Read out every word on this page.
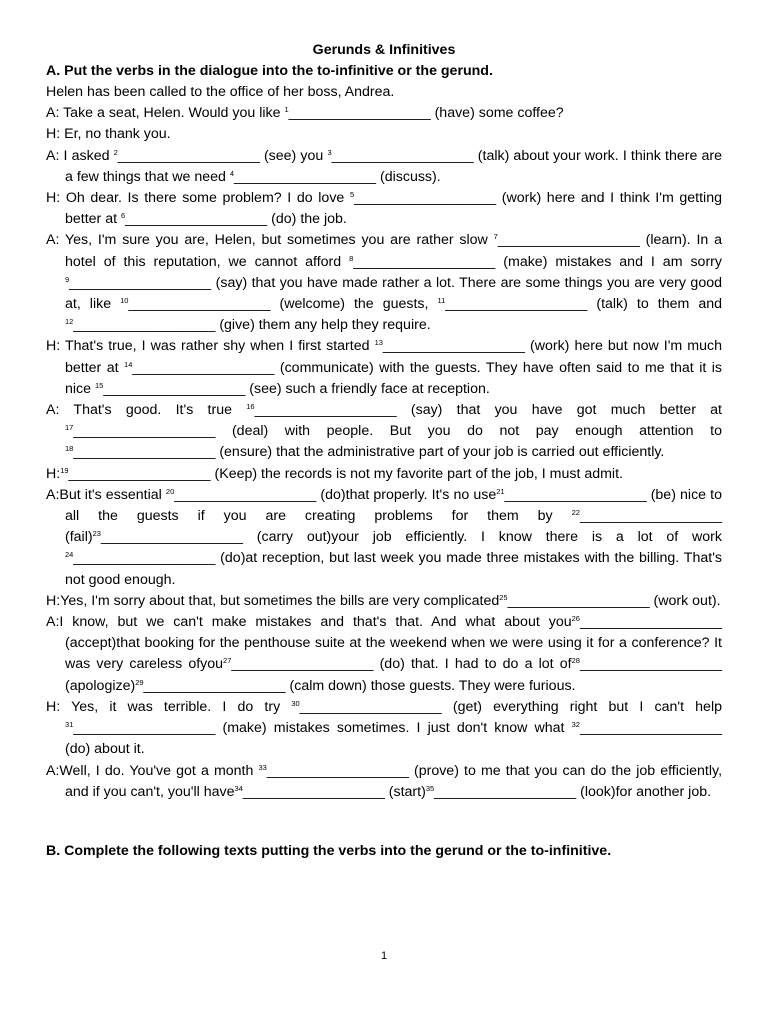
Gerunds & Infinitives
A. Put the verbs in the dialogue into the to-infinitive or the gerund.
Helen has been called to the office of her boss, Andrea.
A: Take a seat, Helen. Would you like $^1$__________________ (have) some coffee?
H: Er, no thank you.
A: I asked $^2$__________________ (see) you $^3$__________________ (talk) about your work. I think there are a few things that we need $^4$__________________ (discuss).
H: Oh dear. Is there some problem? I do love $^5$__________________ (work) here and I think I'm getting better at $^6$__________________ (do) the job.
A: Yes, I'm sure you are, Helen, but sometimes you are rather slow $^7$__________________ (learn). In a hotel of this reputation, we cannot afford $^8$__________________ (make) mistakes and I am sorry $^9$__________________ (say) that you have made rather a lot. There are some things you are very good at, like $^{10}$__________________ (welcome) the guests, $^{11}$__________________ (talk) to them and $^{12}$__________________ (give) them any help they require.
H: That's true, I was rather shy when I first started $^{13}$__________________ (work) here but now I'm much better at $^{14}$__________________ (communicate) with the guests. They have often said to me that it is nice $^{15}$__________________ (see) such a friendly face at reception.
A: That's good. It's true $^{16}$__________________ (say) that you have got much better at $^{17}$__________________ (deal) with people. But you do not pay enough attention to $^{18}$__________________ (ensure) that the administrative part of your job is carried out efficiently.
H:$^{19}$__________________ (Keep) the records is not my favorite part of the job, I must admit.
A:But it's essential $^{20}$__________________ (do)that properly. It's no use$^{21}$__________________ (be) nice to all the guests if you are creating problems for them by $^{22}$__________________ (fail)$^{23}$__________________ (carry out)your job efficiently. I know there is a lot of work $^{24}$__________________ (do)at reception, but last week you made three mistakes with the billing. That's not good enough.
H:Yes, I'm sorry about that, but sometimes the bills are very complicated$^{25}$__________________ (work out).
A:I know, but we can't make mistakes and that's that. And what about you$^{26}$__________________ (accept)that booking for the penthouse suite at the weekend when we were using it for a conference? It was very careless ofyou$^{27}$__________________ (do) that. I had to do a lot $of^{28}\_\_\_\_\_\_\_\_\_\_\_\_\_\_\_\_\_\_$ (apologize)$^{29}$__________________ (calm down) those guests. They were furious.
H: Yes, it was terrible. I do try $^{30}$__________________ (get) everything right but I can't help $^{31}$__________________ (make) mistakes sometimes. I just don't know what $^{32}$__________________ (do) about it.
A:Well, I do. You've got a month $^{33}$__________________ (prove) to me that you can do the job efficiently, and if you can't, you'll have$^{34}$__________________ (start)$^{35}$__________________ (look)for another job.
B. Complete the following texts putting the verbs into the gerund or the to-infinitive.
1
